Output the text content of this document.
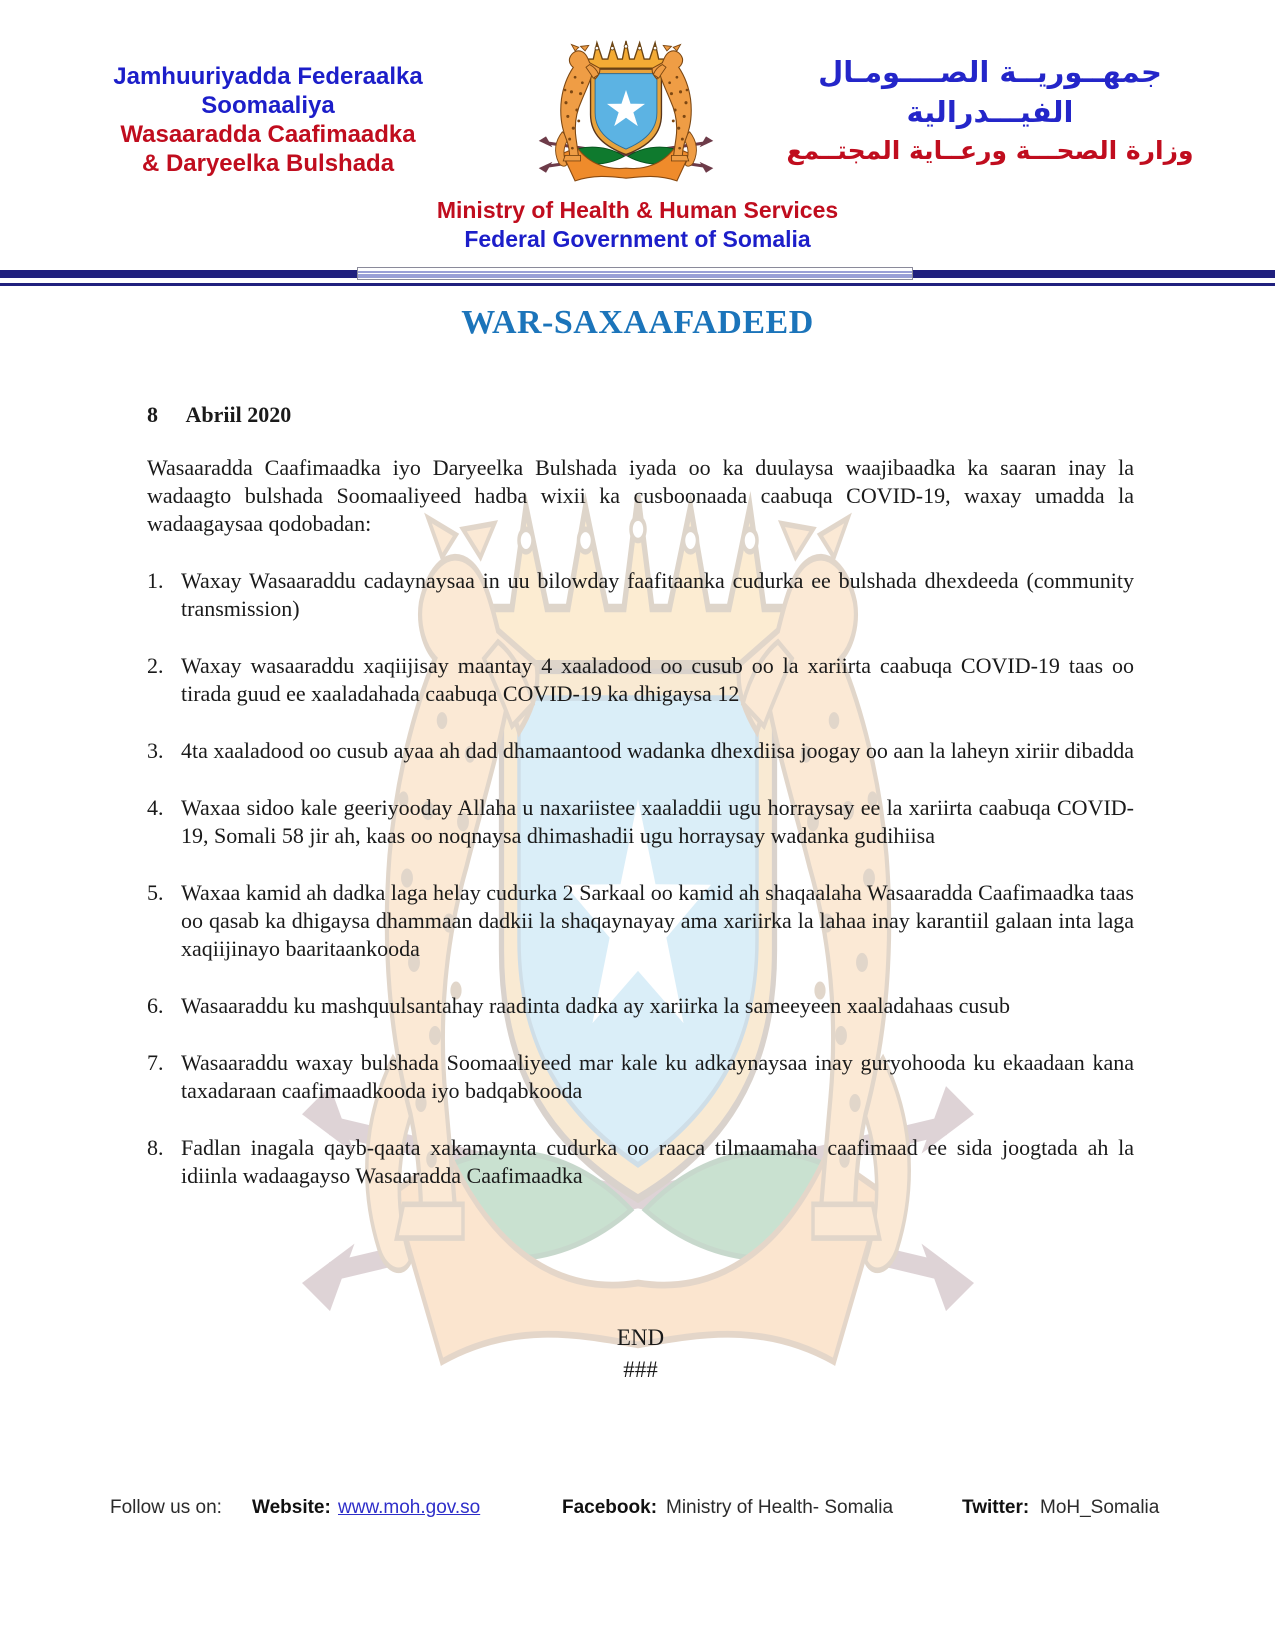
Jamhuuriyadda Federaalka Soomaaliya
Wasaaradda Caafimaadka
& Daryeelka Bulshada
جمهــوريــة الصــــومـال الفيـــدرالية
وزارة الصحـــة ورعــاية المجتــمع
Ministry of Health & Human Services
Federal Government of Somalia
WAR-SAXAAFADEED
8 Abriil 2020

Wasaaradda Caafimaadka iyo Daryeelka Bulshada iyada oo ka duulaysa waajibaadka ka saaran inay la wadaagto bulshada Soomaaliyeed hadba wixii ka cusboonaada caabuqa COVID-19, waxay umadda la wadaagaysaa qodobadan:

1. Waxay Wasaaraddu cadaynaysaa in uu bilowday faafitaanka cudurka ee bulshada dhexdeeda (community transmission)
2. Waxay wasaaraddu xaqiijisay maantay 4 xaaladood oo cusub oo la xariirta caabuqa COVID-19 taas oo tirada guud ee xaaladahada caabuqa COVID-19 ka dhigaysa 12
3. 4ta xaaladood oo cusub ayaa ah dad dhamaantood wadanka dhexdiisa joogay oo aan la laheyn xiriir dibadda
4. Waxaa sidoo kale geeriyooday Allaha u naxariistee xaaladdii ugu horraysay ee la xariirta caabuqa COVID-19, Somali 58 jir ah, kaas oo noqnaysa dhimashadii ugu horraysay wadanka gudihiisa
5. Waxaa kamid ah dadka laga helay cudurka 2 Sarkaal oo kamid ah shaqaalaha Wasaaradda Caafimaadka taas oo qasab ka dhigaysa dhammaan dadkii la shaqaynayay ama xariirka la lahaa inay karantiil galaan inta laga xaqiijinayo baaritaankooda
6. Wasaaraddu ku mashquulsantahay raadinta dadka ay xariirka la sameeyeen xaaladahaas cusub
7. Wasaaraddu waxay bulshada Soomaaliyeed mar kale ku adkaynaysaa inay guryohooda ku ekaadaan kana taxadaraan caafimaadkooda iyo badqabkooda
8. Fadlan inagala qayb-qaata xakamaynta cudurka oo raaca tilmaamaha caafimaad ee sida joogtada ah la idiinla wadaagayso Wasaaradda Caafimaadka
END
###
Follow us on: Website: www.moh.gov.so	Facebook: Ministry of Health- Somalia	Twitter: MoH_Somalia
